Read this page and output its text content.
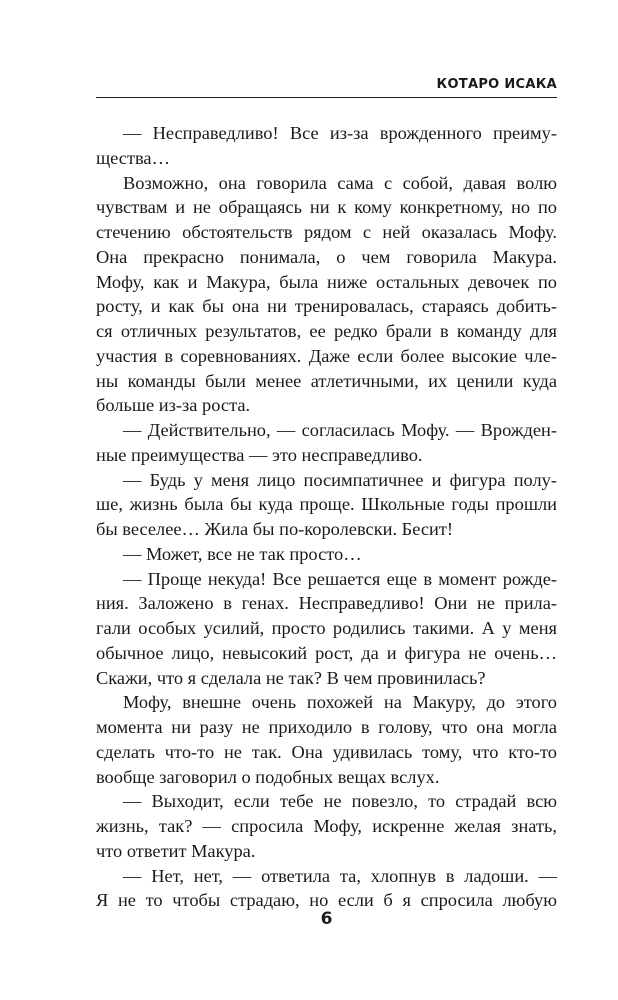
КОТАРО ИСАКА
— Несправедливо! Все из-за врожденного преиму-
щества…
Возможно, она говорила сама с собой, давая волю
чувствам и не обращаясь ни к кому конкретному, но по
стечению обстоятельств рядом с ней оказалась Мофу.
Она прекрасно понимала, о чем говорила Макура.
Мофу, как и Макура, была ниже остальных девочек по
росту, и как бы она ни тренировалась, стараясь добить-
ся отличных результатов, ее редко брали в команду для
участия в соревнованиях. Даже если более высокие чле-
ны команды были менее атлетичными, их ценили куда
больше из-за роста.
— Действительно, — согласилась Мофу. — Врожден-
ные преимущества — это несправедливо.
— Будь у меня лицо посимпатичнее и фигура полу-
ше, жизнь была бы куда проще. Школьные годы прошли
бы веселее… Жила бы по-королевски. Бесит!
— Может, все не так просто…
— Проще некуда! Все решается еще в момент рожде-
ния. Заложено в генах. Несправедливо! Они не прила-
гали особых усилий, просто родились такими. А у меня
обычное лицо, невысокий рост, да и фигура не очень…
Скажи, что я сделала не так? В чем провинилась?
Мофу, внешне очень похожей на Макуру, до этого
момента ни разу не приходило в голову, что она могла
сделать что-то не так. Она удивилась тому, что кто-то
вообще заговорил о подобных вещах вслух.
— Выходит, если тебе не повезло, то страдай всю
жизнь, так? — спросила Мофу, искренне желая знать,
что ответит Макура.
— Нет, нет, — ответила та, хлопнув в ладоши. —
Я не то чтобы страдаю, но если б я спросила любую
6
